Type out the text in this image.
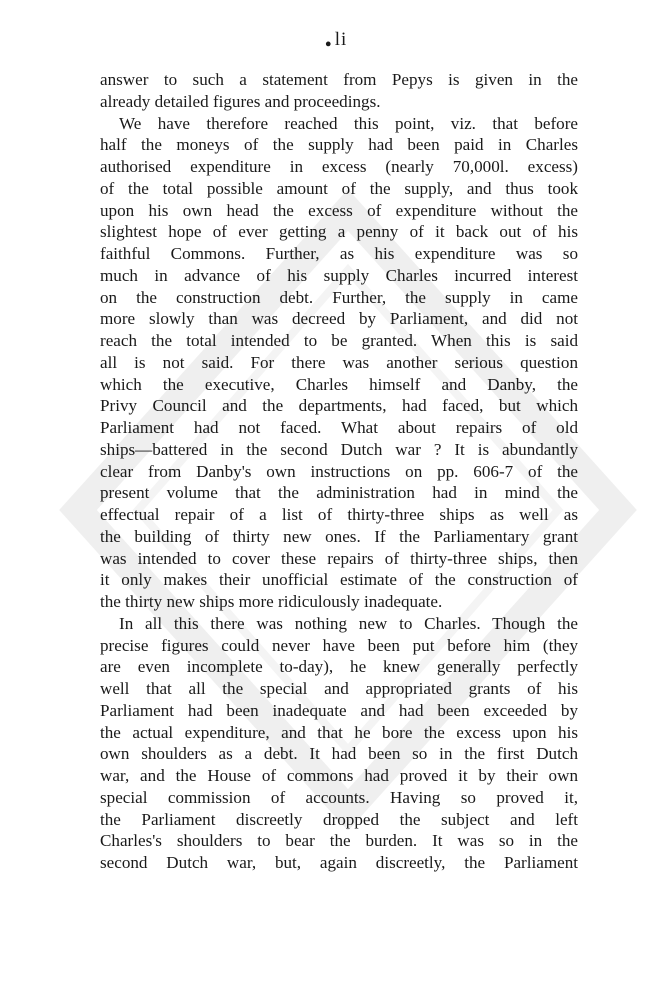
• li
answer to such a statement from Pepys is given in the
already detailed figures and proceedings.
We have therefore reached this point, viz. that before
half the moneys of the supply had been paid in Charles
authorised expenditure in excess (nearly 70,000l. excess)
of the total possible amount of the supply, and thus took
upon his own head the excess of expenditure without the
slightest hope of ever getting a penny of it back out of his
faithful Commons. Further, as his expenditure was so
much in advance of his supply Charles incurred interest
on the construction debt. Further, the supply in came
more slowly than was decreed by Parliament, and did not
reach the total intended to be granted. When this is said
all is not said. For there was another serious question
which the executive, Charles himself and Danby, the
Privy Council and the departments, had faced, but which
Parliament had not faced. What about repairs of old
ships—battered in the second Dutch war ? It is abundantly
clear from Danby's own instructions on pp. 606-7 of the
present volume that the administration had in mind the
effectual repair of a list of thirty-three ships as well as
the building of thirty new ones. If the Parliamentary grant
was intended to cover these repairs of thirty-three ships, then
it only makes their unofficial estimate of the construction of
the thirty new ships more ridiculously inadequate.
In all this there was nothing new to Charles. Though the
precise figures could never have been put before him (they
are even incomplete to-day), he knew generally perfectly
well that all the special and appropriated grants of his
Parliament had been inadequate and had been exceeded by
the actual expenditure, and that he bore the excess upon his
own shoulders as a debt. It had been so in the first Dutch
war, and the House of commons had proved it by their own
special commission of accounts. Having so proved it,
the Parliament discreetly dropped the subject and left
Charles's shoulders to bear the burden. It was so in the
second Dutch war, but, again discreetly, the Parliament
